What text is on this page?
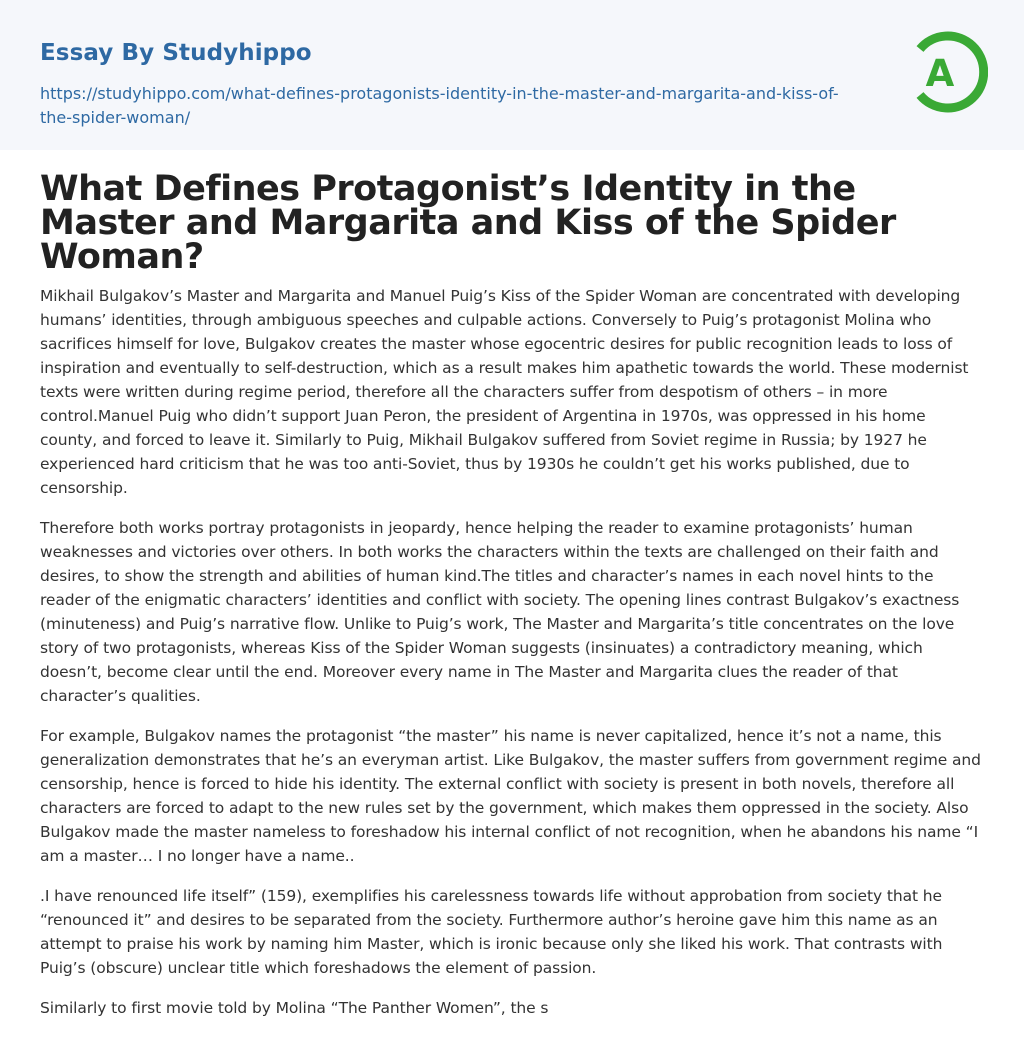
Essay By Studyhippo
https://studyhippo.com/what-defines-protagonists-identity-in-the-master-and-margarita-and-kiss-of-the-spider-woman/
A
What Defines Protagonist’s Identity in the Master and Margarita and Kiss of the Spider Woman?

Mikhail Bulgakov’s Master and Margarita and Manuel Puig’s Kiss of the Spider Woman are concentrated with developing humans’ identities, through ambiguous speeches and culpable actions. Conversely to Puig’s protagonist Molina who sacrifices himself for love, Bulgakov creates the master whose egocentric desires for public recognition leads to loss of inspiration and eventually to self-destruction, which as a result makes him apathetic towards the world. These modernist texts were written during regime period, therefore all the characters suffer from despotism of others – in more control.Manuel Puig who didn’t support Juan Peron, the president of Argentina in 1970s, was oppressed in his home county, and forced to leave it. Similarly to Puig, Mikhail Bulgakov suffered from Soviet regime in Russia; by 1927 he experienced hard criticism that he was too anti-Soviet, thus by 1930s he couldn’t get his works published, due to censorship.

Therefore both works portray protagonists in jeopardy, hence helping the reader to examine protagonists’ human weaknesses and victories over others. In both works the characters within the texts are challenged on their faith and desires, to show the strength and abilities of human kind.The titles and character’s names in each novel hints to the reader of the enigmatic characters’ identities and conflict with society. The opening lines contrast Bulgakov’s exactness (minuteness) and Puig’s narrative flow. Unlike to Puig’s work, The Master and Margarita’s title concentrates on the love story of two protagonists, whereas Kiss of the Spider Woman suggests (insinuates) a contradictory meaning, which doesn’t, become clear until the end. Moreover every name in The Master and Margarita clues the reader of that character’s qualities.

For example, Bulgakov names the protagonist “the master” his name is never capitalized, hence it’s not a name, this generalization demonstrates that he’s an everyman artist. Like Bulgakov, the master suffers from government regime and censorship, hence is forced to hide his identity. The external conflict with society is present in both novels, therefore all characters are forced to adapt to the new rules set by the government, which makes them oppressed in the society. Also Bulgakov made the master nameless to foreshadow his internal conflict of not recognition, when he abandons his name “I am a master… I no longer have a name..

.I have renounced life itself” (159), exemplifies his carelessness towards life without approbation from society that he “renounced it” and desires to be separated from the society. Furthermore author’s heroine gave him this name as an attempt to praise his work by naming him Master, which is ironic because only she liked his work. That contrasts with Puig’s (obscure) unclear title which foreshadows the element of passion.

Similarly to first movie told by Molina “The Panther Women”, the s
